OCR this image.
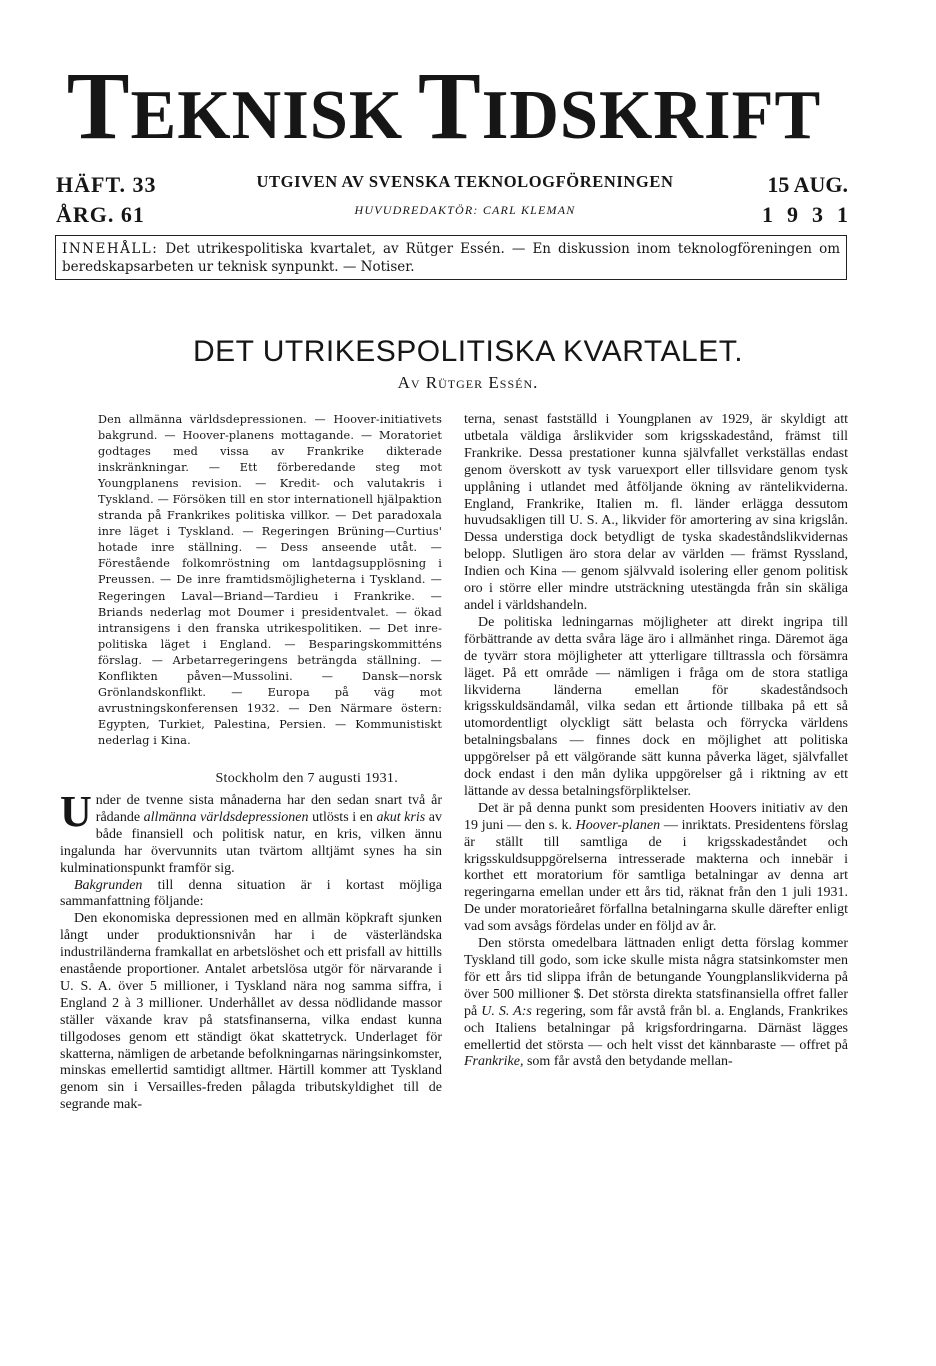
TEKNISK  TIDSKRIFT
HÄFT. 33
ÅRG. 61
UTGIVEN AV SVENSKA TEKNOLOGFÖRENINGEN
HUVUDREDAKTÖR: CARL KLEMAN
15 AUG.
1931
INNEHÅLL: Det utrikespolitiska kvartalet, av Rütger Essén. — En diskussion inom teknologföreningen om beredskapsarbeten ur teknisk synpunkt. — Notiser.
DET UTRIKESPOLITISKA KVARTALET.
Av Rütger Essén.
Den allmänna världsdepressionen. — Hoover-initiativets bakgrund. — Hoover-planens mottagande. — Moratoriet godtages med vissa av Frankrike dikterade inskränkningar. — Ett förberedande steg mot Youngplanens revision. — Kredit- och valutakris i Tyskland. — Försöken till en stor internationell hjälpaktion stranda på Frankrikes politiska villkor. — Det paradoxala inre läget i Tyskland. — Regeringen Brüning—Curtius' hotade inre ställning. — Dess anseende utåt. — Förestående folkomröstning om lantdagsupplösning i Preussen. — De inre framtidsmöjligheterna i Tyskland. — Regeringen Laval—Briand—Tardieu i Frankrike. — Briands nederlag mot Doumer i presidentvalet. — ökad intransigens i den franska utrikespolitiken. — Det inre-politiska läget i England. — Besparingskommitténs förslag. — Arbetarregeringens beträngda ställning. — Konflikten påven—Mussolini. — Dansk—norsk Grönlandskonflikt. — Europa på väg mot avrustningskonferensen 1932. — Den Närmare östern: Egypten, Turkiet, Palestina, Persien. — Kommunistiskt nederlag i Kina.
Stockholm den 7 augusti 1931.

Under de tvenne sista månaderna har den sedan snart två år rådande allmänna världsdepressionen utlösts i en akut kris av både finansiell och politisk natur, en kris, vilken ännu ingalunda har övervunnits utan tvärtom alltjämt synes ha sin kulminationspunkt framför sig.

Bakgrunden till denna situation är i kortast möjliga sammanfattning följande:

Den ekonomiska depressionen med en allmän köpkraft sjunken långt under produktionsnivån har i de västerländska industriländerna framkallat en arbetslöshet och ett prisfall av hittills enastående proportioner. Antalet arbetslösa utgör för närvarande i U. S. A. över 5 millioner, i Tyskland nära nog samma siffra, i England 2 à 3 millioner. Underhållet av dessa nödlidande massor ställer växande krav på statsfinanserna, vilka endast kunna tillgodoses genom ett ständigt ökat skattetryck. Underlaget för skatterna, nämligen de arbetande befolkningarnas näringsinkomster, minskas emellertid samtidigt alltmer. Härtill kommer att Tyskland genom sin i Versailles-freden pålagda tributskyldighet till de segrande mak-

terna, senast fastställd i Youngplanen av 1929, är skyldigt att utbetala väldiga årslikvider som krigsskadestånd, främst till Frankrike. Dessa prestationer kunna självfallet verkställas endast genom överskott av tysk varuexport eller tillsvidare genom tysk upplåning i utlandet med åtföljande ökning av räntelikviderna. England, Frankrike, Italien m. fl. länder erlägga dessutom huvudsakligen till U. S. A., likvider för amortering av sina krigslån. Dessa understiga dock betydligt de tyska skadeståndslikvidernas belopp. Slutligen äro stora delar av världen — främst Ryssland, Indien och Kina — genom självvald isolering eller genom politisk oro i större eller mindre utsträckning utestängda från sin skäliga andel i världshandeln.

De politiska ledningarnas möjligheter att direkt ingripa till förbättrande av detta svåra läge äro i allmänhet ringa. Däremot äga de tyvärr stora möjligheter att ytterligare tilltrassla och försämra läget. På ett område — nämligen i fråga om de stora statliga likviderna länderna emellan för skadeståndsoch krigsskuldsändamål, vilka sedan ett årtionde tillbaka på ett så utomordentligt olyckligt sätt belasta och förrycka världens betalningsbalans — finnes dock en möjlighet att politiska uppgörelser på ett välgörande sätt kunna påverka läget, självfallet dock endast i den mån dylika uppgörelser gå i riktning av ett lättande av dessa betalningsförpliktelser.

Det är på denna punkt som presidenten Hoovers initiativ av den 19 juni — den s. k. Hoover-planen — inriktats. Presidentens förslag är ställt till samtliga de i krigsskadeståndet och krigsskuldsuppgörelserna intresserade makterna och innebär i korthet ett moratorium för samtliga betalningar av denna art regeringarna emellan under ett års tid, räknat från den 1 juli 1931. De under moratorieåret förfallna betalningarna skulle därefter enligt vad som avsågs fördelas under en följd av år.

Den största omedelbara lättnaden enligt detta förslag kommer Tyskland till godo, som icke skulle mista några statsinkomster men för ett års tid slippa ifrån de betungande Youngplanslikviderna på över 500 millioner $. Det största direkta statsfinansiella offret faller på U. S. A:s regering, som får avstå från bl. a. Englands, Frankrikes och Italiens betalningar på krigsfordringarna. Därnäst lägges emellertid det största — och helt visst det kännbaraste — offret på Frankrike, som får avstå den betydande mellan-
